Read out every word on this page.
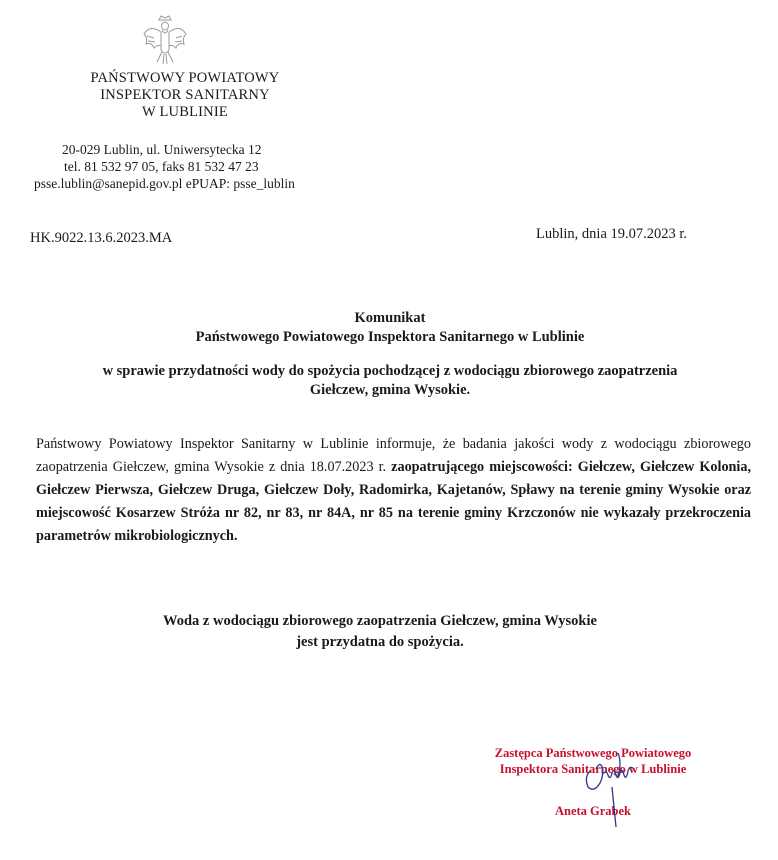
PAŃSTWOWY POWIATOWY
INSPEKTOR SANITARNY
W LUBLINIE
20-029 Lublin, ul. Uniwersytecka 12
tel. 81 532 97 05, faks 81 532 47 23
psse.lublin@sanepid.gov.pl ePUAP: psse_lublin
HK.9022.13.6.2023.MA	Lublin, dnia 19.07.2023 r.
Komunikat
Państwowego Powiatowego Inspektora Sanitarnego w Lublinie
w sprawie przydatności wody do spożycia pochodzącej z wodociągu zbiorowego zaopatrzenia
Giełczew, gmina Wysokie.
Państwowy Powiatowy Inspektor Sanitarny w Lublinie informuje, że badania jakości wody z wodociągu zbiorowego zaopatrzenia Giełczew, gmina Wysokie z dnia 18.07.2023 r. zaopatrującego miejscowości: Giełczew, Giełczew Kolonia, Giełczew Pierwsza, Giełczew Druga, Giełczew Doły, Radomirka, Kajetanów, Spławy na terenie gminy Wysokie oraz miejscowość Kosarzew Stróża nr 82, nr 83, nr 84A, nr 85 na terenie gminy Krzczonów nie wykazały przekroczenia parametrów mikrobiologicznych.
Woda z wodociągu zbiorowego zaopatrzenia Giełczew, gmina Wysokie
jest przydatna do spożycia.
Zastępca Państwowego Powiatowego
Inspektora Sanitarnego w Lublinie
Aneta Grabek
